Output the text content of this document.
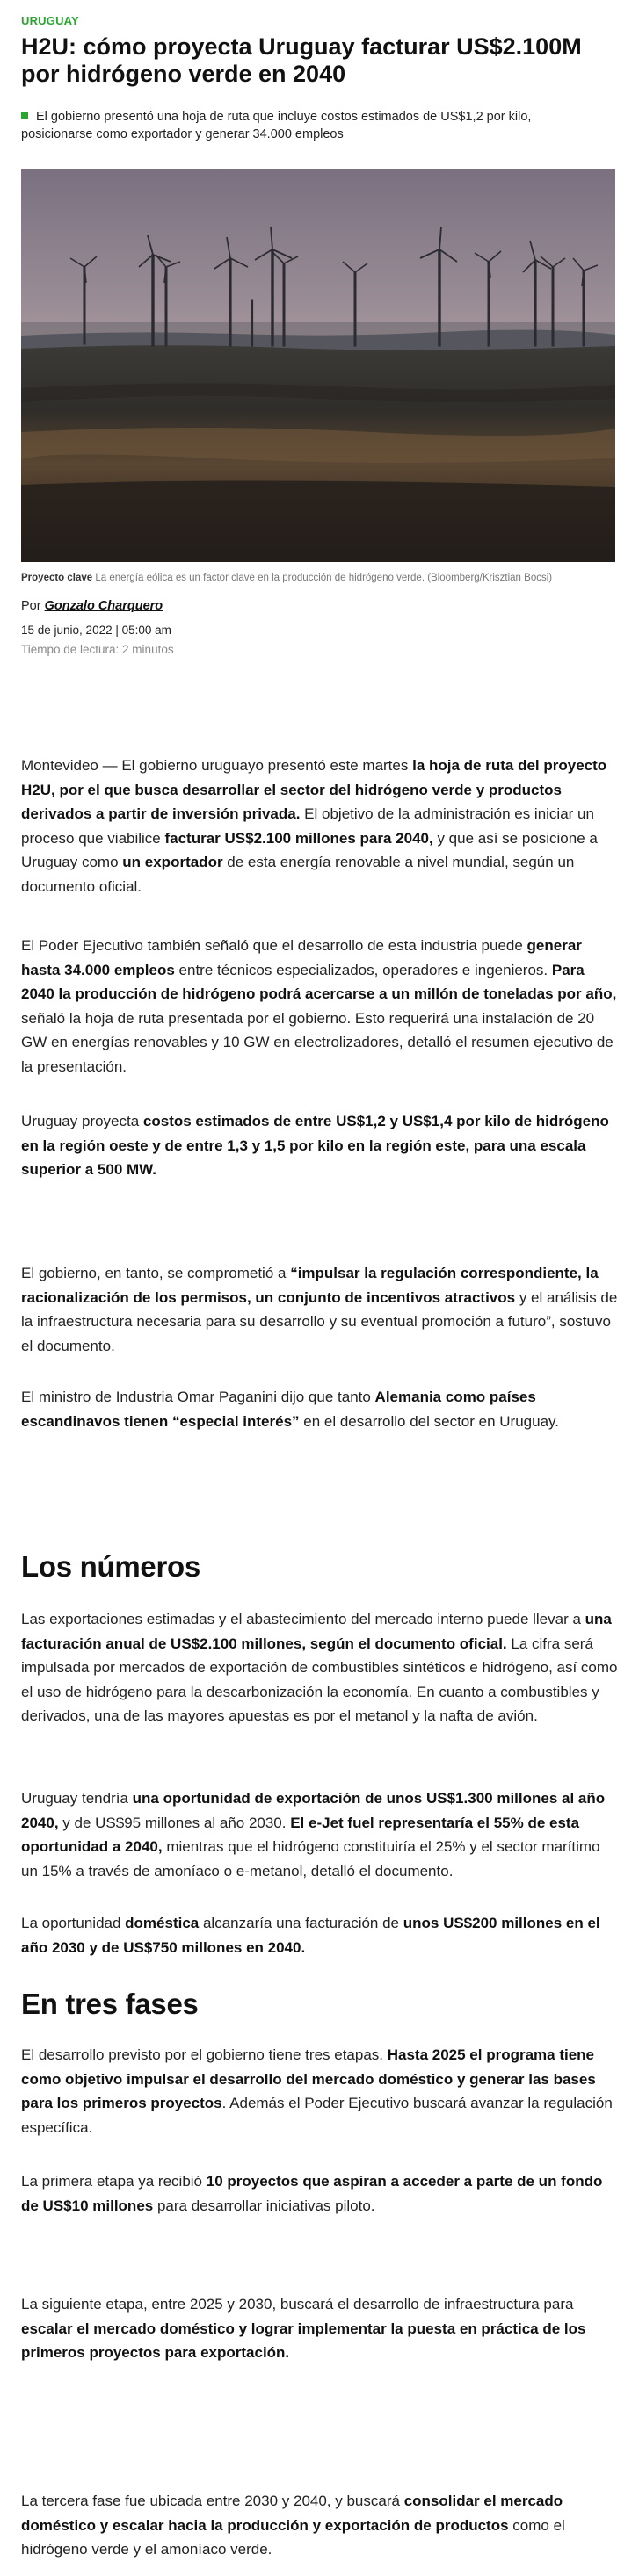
URUGUAY
H2U: cómo proyecta Uruguay facturar US$2.100M por hidrógeno verde en 2040
El gobierno presentó una hoja de ruta que incluye costos estimados de US$1,2 por kilo, posicionarse como exportador y generar 34.000 empleos
Proyecto clave La energía eólica es un factor clave en la producción de hidrógeno verde. (Bloomberg/Krisztian Bocsi)
Por Gonzalo Charquero
15 de junio, 2022 | 05:00 am
Tiempo de lectura: 2 minutos

Montevideo — El gobierno uruguayo presentó este martes la hoja de ruta del proyecto H2U, por el que busca desarrollar el sector del hidrógeno verde y productos derivados a partir de inversión privada. El objetivo de la administración es iniciar un proceso que viabilice facturar US$2.100 millones para 2040, y que así se posicione a Uruguay como un exportador de esta energía renovable a nivel mundial, según un documento oficial.

El Poder Ejecutivo también señaló que el desarrollo de esta industria puede generar hasta 34.000 empleos entre técnicos especializados, operadores e ingenieros. Para 2040 la producción de hidrógeno podrá acercarse a un millón de toneladas por año, señaló la hoja de ruta presentada por el gobierno. Esto requerirá una instalación de 20 GW en energías renovables y 10 GW en electrolizadores, detalló el resumen ejecutivo de la presentación.

Uruguay proyecta costos estimados de entre US$1,2 y US$1,4 por kilo de hidrógeno en la región oeste y de entre 1,3 y 1,5 por kilo en la región este, para una escala superior a 500 MW.

El gobierno, en tanto, se comprometió a “impulsar la regulación correspondiente, la racionalización de los permisos, un conjunto de incentivos atractivos y el análisis de la infraestructura necesaria para su desarrollo y su eventual promoción a futuro”, sostuvo el documento.

El ministro de Industria Omar Paganini dijo que tanto Alemania como países escandinavos tienen “especial interés” en el desarrollo del sector en Uruguay.

Los números

Las exportaciones estimadas y el abastecimiento del mercado interno puede llevar a una facturación anual de US$2.100 millones, según el documento oficial. La cifra será impulsada por mercados de exportación de combustibles sintéticos e hidrógeno, así como el uso de hidrógeno para la descarbonización la economía. En cuanto a combustibles y derivados, una de las mayores apuestas es por el metanol y la nafta de avión.

Uruguay tendría una oportunidad de exportación de unos US$1.300 millones al año 2040, y de US$95 millones al año 2030. El e-Jet fuel representaría el 55% de esta oportunidad a 2040, mientras que el hidrógeno constituiría el 25% y el sector marítimo un 15% a través de amoníaco o e-metanol, detalló el documento.

La oportunidad doméstica alcanzaría una facturación de unos US$200 millones en el año 2030 y de US$750 millones en 2040.

En tres fases

El desarrollo previsto por el gobierno tiene tres etapas. Hasta 2025 el programa tiene como objetivo impulsar el desarrollo del mercado doméstico y generar las bases para los primeros proyectos. Además el Poder Ejecutivo buscará avanzar la regulación específica.

La primera etapa ya recibió 10 proyectos que aspiran a acceder a parte de un fondo de US$10 millones para desarrollar iniciativas piloto.

La siguiente etapa, entre 2025 y 2030, buscará el desarrollo de infraestructura para escalar el mercado doméstico y lograr implementar la puesta en práctica de los primeros proyectos para exportación.

La tercera fase fue ubicada entre 2030 y 2040, y buscará consolidar el mercado doméstico y escalar hacia la producción y exportación de productos como el hidrógeno verde y el amoníaco verde.
